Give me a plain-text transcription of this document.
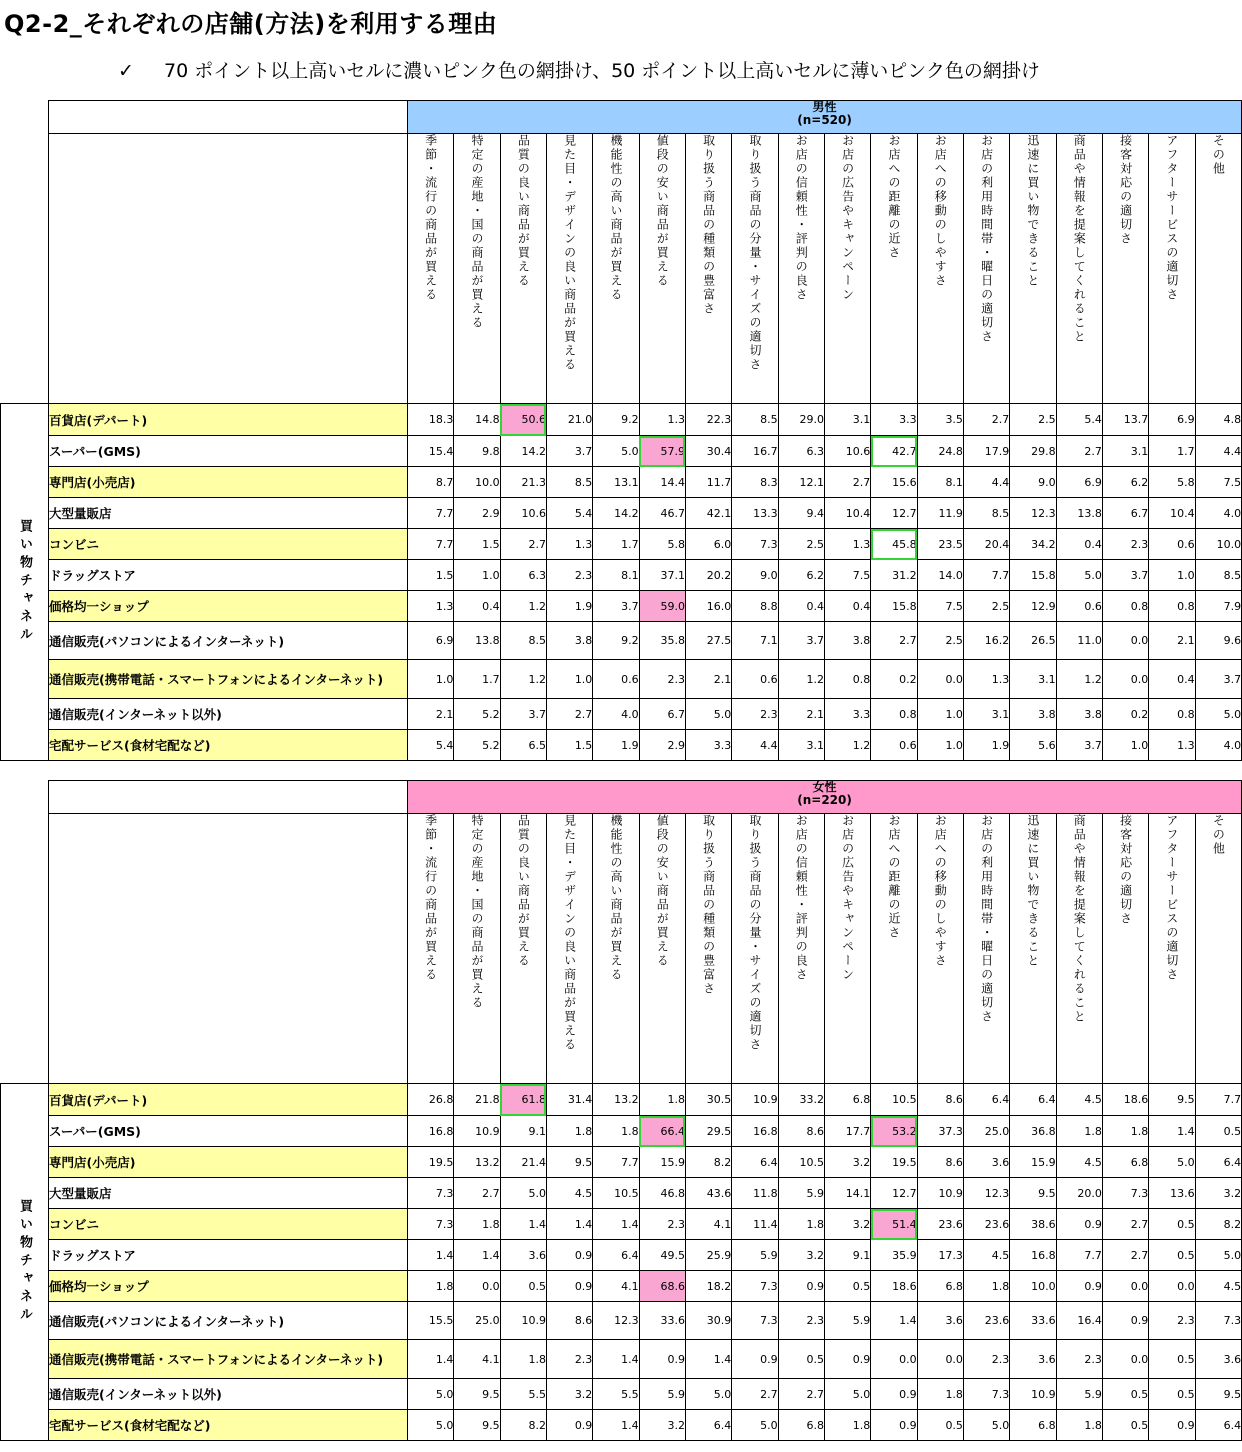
Q2-2_それぞれの店舗(方法)を利用する理由
✓ 70 ポイント以上高いセルに濃いピンク色の網掛け、50 ポイント以上高いセルに薄いピンク色の網掛け

		男性
(n=520)																	

		季節・流行の商品が買える	特定の産地・国の商品が買える	品質の良い商品が買える	見た目・デザインの良い商品が買える	機能性の高い商品が買える	値段の安い商品が買える	取り扱う商品の種類の豊富さ	取り扱う商品の分量・サイズの適切さ	お店の信頼性・評判の良さ	お店の広告やキャンペーン	お店への距離の近さ	お店への移動のしやすさ	お店の利用時間帯・曜日の適切さ	迅速に買い物できること	商品や情報を提案してくれること	接客対応の適切さ	アフターサービスの適切さ	その他

買い物チャネル	百貨店(デパート)	18.3	14.8	50.6	21.0	9.2	1.3	22.3	8.5	29.0	3.1	3.3	3.5	2.7	2.5	5.4	13.7	6.9	4.8
	スーパー(GMS)	15.4	9.8	14.2	3.7	5.0	57.9	30.4	16.7	6.3	10.6	42.7	24.8	17.9	29.8	2.7	3.1	1.7	4.4
	専門店(小売店)	8.7	10.0	21.3	8.5	13.1	14.4	11.7	8.3	12.1	2.7	15.6	8.1	4.4	9.0	6.9	6.2	5.8	7.5
	大型量販店	7.7	2.9	10.6	5.4	14.2	46.7	42.1	13.3	9.4	10.4	12.7	11.9	8.5	12.3	13.8	6.7	10.4	4.0
	コンビニ	7.7	1.5	2.7	1.3	1.7	5.8	6.0	7.3	2.5	1.3	45.8	23.5	20.4	34.2	0.4	2.3	0.6	10.0
	ドラッグストア	1.5	1.0	6.3	2.3	8.1	37.1	20.2	9.0	6.2	7.5	31.2	14.0	7.7	15.8	5.0	3.7	1.0	8.5
	価格均一ショップ	1.3	0.4	1.2	1.9	3.7	59.0	16.0	8.8	0.4	0.4	15.8	7.5	2.5	12.9	0.6	0.8	0.8	7.9
	通信販売(パソコンによるインターネット)	6.9	13.8	8.5	3.8	9.2	35.8	27.5	7.1	3.7	3.8	2.7	2.5	16.2	26.5	11.0	0.0	2.1	9.6
	通信販売(携帯電話・スマートフォンによるインターネット)	1.0	1.7	1.2	1.0	0.6	2.3	2.1	0.6	1.2	0.8	0.2	0.0	1.3	3.1	1.2	0.0	0.4	3.7
	通信販売(インターネット以外)	2.1	5.2	3.7	2.7	4.0	6.7	5.0	2.3	2.1	3.3	0.8	1.0	3.1	3.8	3.8	0.2	0.8	5.0
	宅配サービス(食材宅配など)	5.4	5.2	6.5	1.5	1.9	2.9	3.3	4.4	3.1	1.2	0.6	1.0	1.9	5.6	3.7	1.0	1.3	4.0

		女性
(n=220)																	

		季節・流行の商品が買える	特定の産地・国の商品が買える	品質の良い商品が買える	見た目・デザインの良い商品が買える	機能性の高い商品が買える	値段の安い商品が買える	取り扱う商品の種類の豊富さ	取り扱う商品の分量・サイズの適切さ	お店の信頼性・評判の良さ	お店の広告やキャンペーン	お店への距離の近さ	お店への移動のしやすさ	お店の利用時間帯・曜日の適切さ	迅速に買い物できること	商品や情報を提案してくれること	接客対応の適切さ	アフターサービスの適切さ	その他

買い物チャネル	百貨店(デパート)	26.8	21.8	61.8	31.4	13.2	1.8	30.5	10.9	33.2	6.8	10.5	8.6	6.4	6.4	4.5	18.6	9.5	7.7
	スーパー(GMS)	16.8	10.9	9.1	1.8	1.8	66.4	29.5	16.8	8.6	17.7	53.2	37.3	25.0	36.8	1.8	1.8	1.4	0.5
	専門店(小売店)	19.5	13.2	21.4	9.5	7.7	15.9	8.2	6.4	10.5	3.2	19.5	8.6	3.6	15.9	4.5	6.8	5.0	6.4
	大型量販店	7.3	2.7	5.0	4.5	10.5	46.8	43.6	11.8	5.9	14.1	12.7	10.9	12.3	9.5	20.0	7.3	13.6	3.2
	コンビニ	7.3	1.8	1.4	1.4	1.4	2.3	4.1	11.4	1.8	3.2	51.4	23.6	23.6	38.6	0.9	2.7	0.5	8.2
	ドラッグストア	1.4	1.4	3.6	0.9	6.4	49.5	25.9	5.9	3.2	9.1	35.9	17.3	4.5	16.8	7.7	2.7	0.5	5.0
	価格均一ショップ	1.8	0.0	0.5	0.9	4.1	68.6	18.2	7.3	0.9	0.5	18.6	6.8	1.8	10.0	0.9	0.0	0.0	4.5
	通信販売(パソコンによるインターネット)	15.5	25.0	10.9	8.6	12.3	33.6	30.9	7.3	2.3	5.9	1.4	3.6	23.6	33.6	16.4	0.9	2.3	7.3
	通信販売(携帯電話・スマートフォンによるインターネット)	1.4	4.1	1.8	2.3	1.4	0.9	1.4	0.9	0.5	0.9	0.0	0.0	2.3	3.6	2.3	0.0	0.5	3.6
	通信販売(インターネット以外)	5.0	9.5	5.5	3.2	5.5	5.9	5.0	2.7	2.7	5.0	0.9	1.8	7.3	10.9	5.9	0.5	0.5	9.5
	宅配サービス(食材宅配など)	5.0	9.5	8.2	0.9	1.4	3.2	6.4	5.0	6.8	1.8	0.9	0.5	5.0	6.8	1.8	0.5	0.9	6.4
